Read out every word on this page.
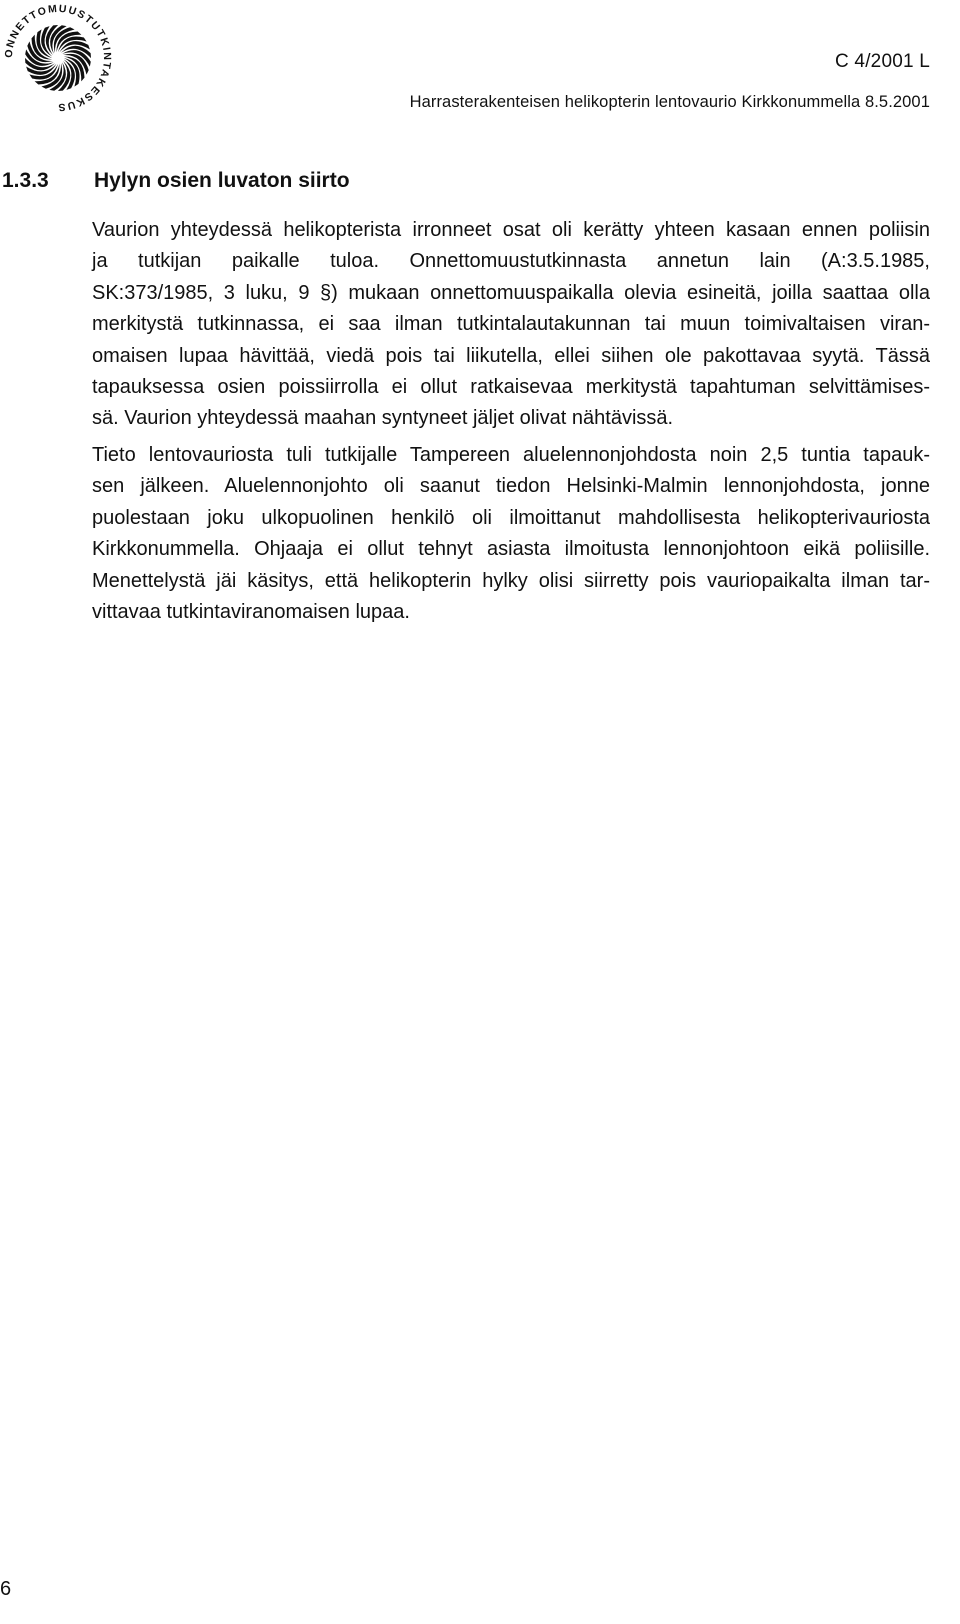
ONNETTOMUUSTUTKINTAKESKUS
C 4/2001 L
Harrasterakenteisen helikopterin lentovaurio Kirkkonummella 8.5.2001
1.3.3 Hylyn osien luvaton siirto
Vaurion yhteydessä helikopterista irronneet osat oli kerätty yhteen kasaan ennen poliisin
ja tutkijan paikalle tuloa. Onnettomuustutkinnasta annetun lain (A:3.5.1985,
SK:373/1985, 3 luku, 9 §) mukaan onnettomuuspaikalla olevia esineitä, joilla saattaa olla
merkitystä tutkinnassa, ei saa ilman tutkintalautakunnan tai muun toimivaltaisen viran-
omaisen lupaa hävittää, viedä pois tai liikutella, ellei siihen ole pakottavaa syytä. Tässä
tapauksessa osien poissiirrolla ei ollut ratkaisevaa merkitystä tapahtuman selvittämises-
sä. Vaurion yhteydessä maahan syntyneet jäljet olivat nähtävissä.
Tieto lentovauriosta tuli tutkijalle Tampereen aluelennonjohdosta noin 2,5 tuntia tapauk-
sen jälkeen. Aluelennonjohto oli saanut tiedon Helsinki-Malmin lennonjohdosta, jonne
puolestaan joku ulkopuolinen henkilö oli ilmoittanut mahdollisesta helikopterivauriosta
Kirkkonummella. Ohjaaja ei ollut tehnyt asiasta ilmoitusta lennonjohtoon eikä poliisille.
Menettelystä jäi käsitys, että helikopterin hylky olisi siirretty pois vauriopaikalta ilman tar-
vittavaa tutkintaviranomaisen lupaa.
6
